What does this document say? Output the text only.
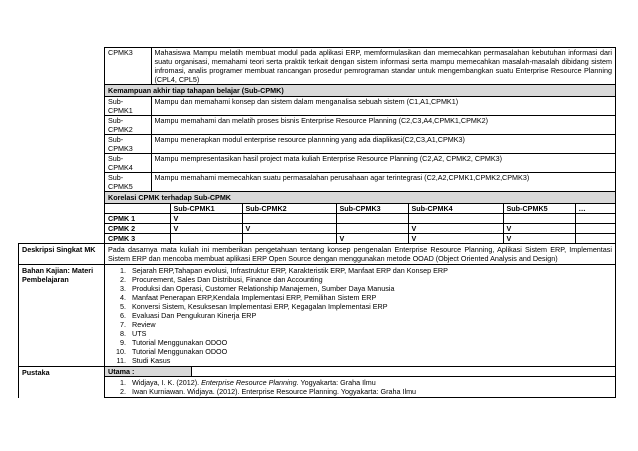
CPMK3	Mahasiswa Mampu melatih membuat modul pada aplikasi ERP, memformulasikan dan memecahkan permasalahan kebutuhan informasi dari suatu organisasi, memahami teori serta praktik terkait dengan sistem informasi serta mampu memecahkan masalah-masalah dibidang sistem infromasi, analis programer membuat rancangan prosedur pemrograman standar untuk mengembangkan suatu Enterprise Resource Planning (CPL4, CPL5)

	Kemampuan akhir tiap tahapan belajar (Sub-CPMK)

Sub-CPMK1	Mampu dan memahami konsep dan sistem dalam menganalisa sebuah sistem (C1,A1,CPMK1)
Sub-CPMK2	Mampu memahami dan melatih proses bisnis Enterprise Resource Planning (C2,C3,A4,CPMK1,CPMK2)
Sub-CPMK3	Mampu menerapkan modul enterprise resource plannning yang ada diaplikasi(C2,C3,A1,CPMK3)
Sub-CPMK4	Mampu mempresentasikan hasil project mata kuliah Enterprise Resource Planning (C2,A2, CPMK2, CPMK3)
Sub-CPMK5	Mampu memahami memecahkan suatu permasalahan perusahaan agar terintegrasi (C2,A2,CPMK1,CPMK2,CPMK3)

	Korelasi CPMK terhadap Sub-CPMK

	Sub-CPMK1	Sub-CPMK2	Sub-CPMK3	Sub-CPMK4	Sub-CPMK5	…
CPMK 1	V					
CPMK 2	V	V		V	V	
CPMK 3			V	V	V	

Deskripsi Singkat MK	Pada dasarnya mata kuliah ini memberikan pengetahuan tentang konsep pengenalan Enterprise Resource Planning, Aplikasi Sistem ERP, Implementasi Sistem ERP dan mencoba membuat aplikasi ERP Open Source dengan menggunakan metode OOAD (Object Oriented Analysis and Design)
Bahan Kajian: Materi Pembelajaran	
1. Sejarah ERP,Tahapan evolusi, Infrastruktur ERP, Karakteristik ERP, Manfaat ERP dan Konsep ERP
2. Procurement, Sales Dan Distribusi, Finance dan Accounting
3. Produksi dan Operasi, Customer Relationship Manajemen, Sumber Daya Manusia
4. Manfaat Penerapan ERP,Kendala Implementasi ERP, Pemilihan Sistem ERP
5. Konversi Sistem, Kesuksesan Implementasi ERP, Kegagalan Implementasi ERP
6. Evaluasi Dan Pengukuran Kinerja ERP
7. Review
8. UTS
9. Tutorial Menggunakan ODOO
10. Tutorial Menggunakan ODOO
11. Studi Kasus

Pustaka		Utama :	

1. Widjaya, I. K. (2012). Enterprise Resource Planning. Yogyakarta: Graha Ilmu
2. Iwan Kurniawan. Widjaya. (2012). Enterprise Resource Planning. Yogyakarta: Graha Ilmu
